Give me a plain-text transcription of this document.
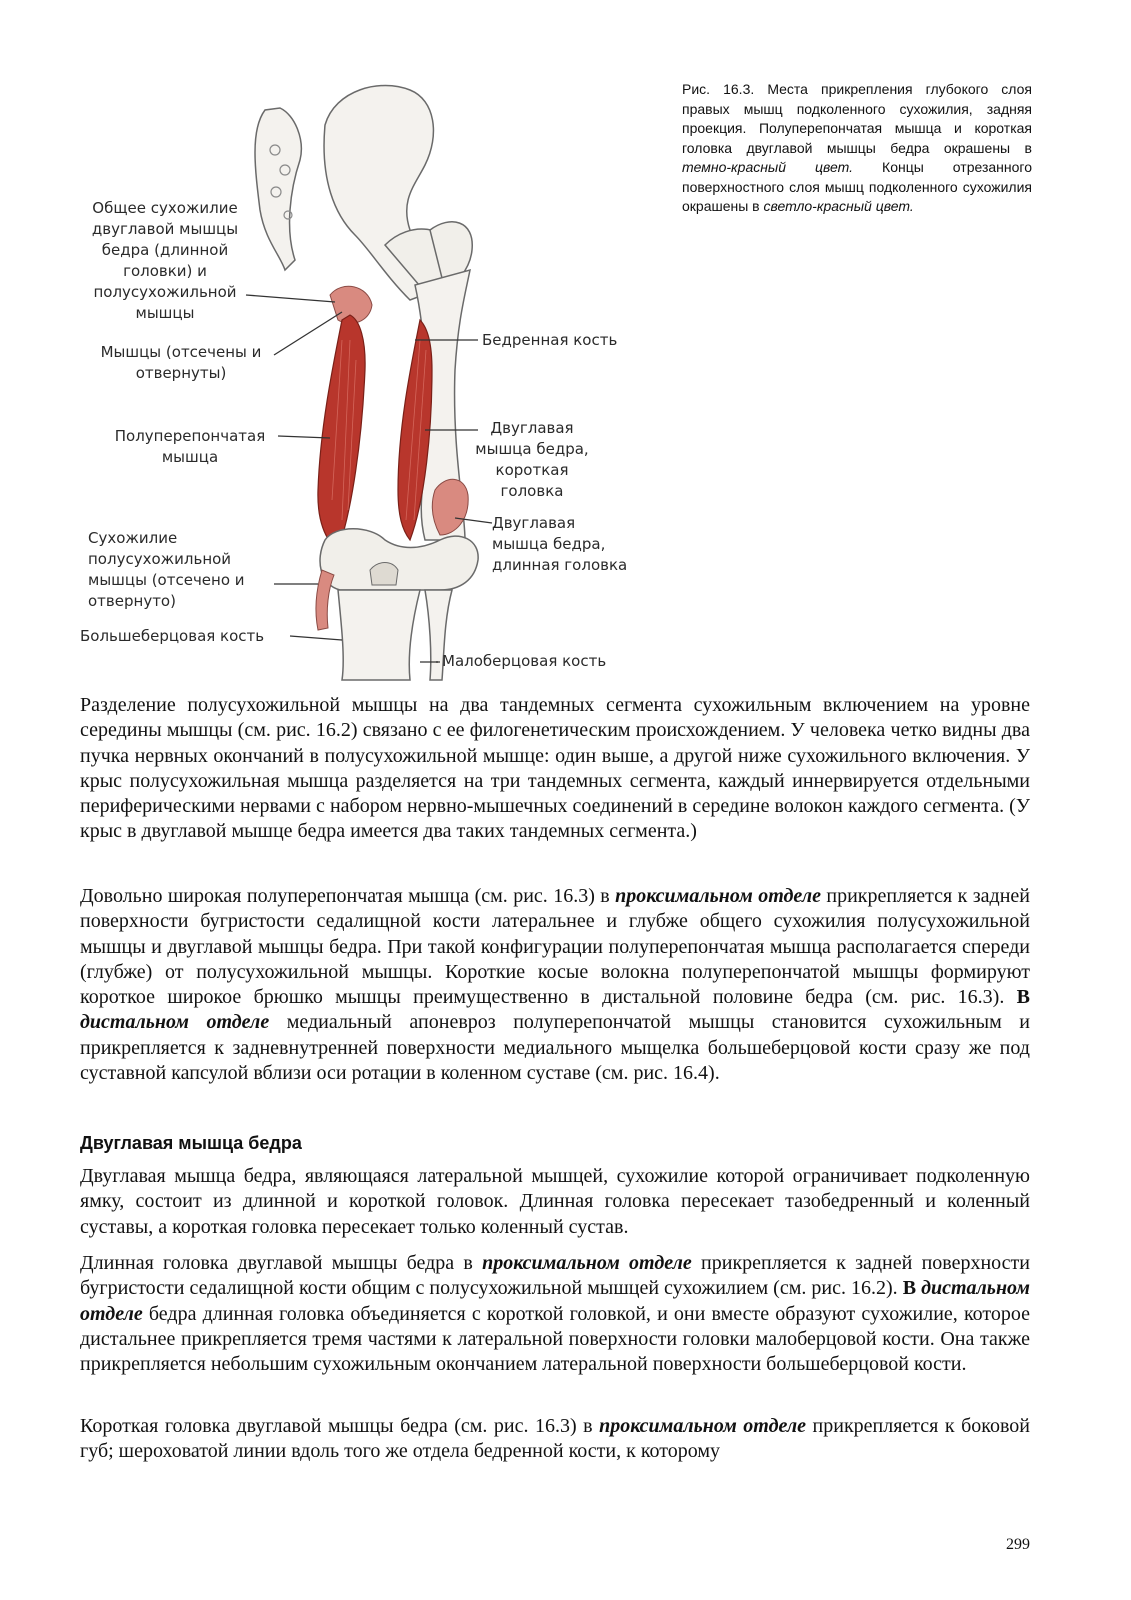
Общее сухожилие
двуглавой мышцы
бедра (длинной
головки) и
полусухожильной
мышцы
Мышцы (отсечены и
отвернуты)
Полуперепончатая
мышца
Сухожилие
полусухожильной
мышцы (отсечено и
отвернуто)
Большеберцовая кость
Бедренная кость
Двуглавая
мышца бедра,
короткая
головка
Двуглавая
мышца бедра,
длинная головка
Малоберцовая кость
Рис. 16.3. Места прикрепления глубокого слоя правых мышц подколенного сухожилия, задняя проекция. Полуперепончатая мышца и короткая головка двуглавой мышцы бедра окрашены в темно-красный цвет. Концы отрезанного поверхностного слоя мышц подколенного сухожилия окрашены в светло-красный цвет.

Разделение полусухожильной мышцы на два тандемных сегмента сухожильным включением на уровне середины мышцы (см. рис. 16.2) связано с ее филогенетическим происхождением. У человека четко видны два пучка нервных окончаний в полусухожильной мышце: один выше, а другой ниже сухожильного включения. У крыс полусухожильная мышца разделяется на три тандемных сегмента, каждый иннервируется отдельными периферическими нервами с набором нервно-мышечных соединений в середине волокон каждого сегмента. (У крыс в двуглавой мышце бедра имеется два таких тандемных сегмента.)

Довольно широкая полуперепончатая мышца (см. рис. 16.3) в проксимальном отделе прикрепляется к задней поверхности бугристости седалищной кости латеральнее и глубже общего сухожилия полусухожильной мышцы и двуглавой мышцы бедра. При такой конфигурации полуперепончатая мышца располагается спереди (глубже) от полусухожильной мышцы. Короткие косые волокна полуперепончатой мышцы формируют короткое широкое брюшко мышцы преимущественно в дистальной половине бедра (см. рис. 16.3). В дистальном отделе медиальный апоневроз полуперепончатой мышцы становится сухожильным и прикрепляется к задневнутренней поверхности медиального мыщелка большеберцовой кости сразу же под суставной капсулой вблизи оси ротации в коленном суставе (см. рис. 16.4).

Двуглавая мышца бедра

Двуглавая мышца бедра, являющаяся латеральной мышцей, сухожилие которой ограничивает подколенную ямку, состоит из длинной и короткой головок. Длинная головка пересекает тазобедренный и коленный суставы, а короткая головка пересекает только коленный сустав.

Длинная головка двуглавой мышцы бедра в проксимальном отделе прикрепляется к задней поверхности бугристости седалищной кости общим с полусухожильной мышцей сухожилием (см. рис. 16.2). В дистальном отделе бедра длинная головка объединяется с короткой головкой, и они вместе образуют сухожилие, которое дистальнее прикрепляется тремя частями к латеральной поверхности головки малоберцовой кости. Она также прикрепляется небольшим сухожильным окончанием латеральной поверхности большеберцовой кости.

Короткая головка двуглавой мышцы бедра (см. рис. 16.3) в проксимальном отделе прикрепляется к боковой губ; шероховатой линии вдоль того же отдела бедренной кости, к которому

299
